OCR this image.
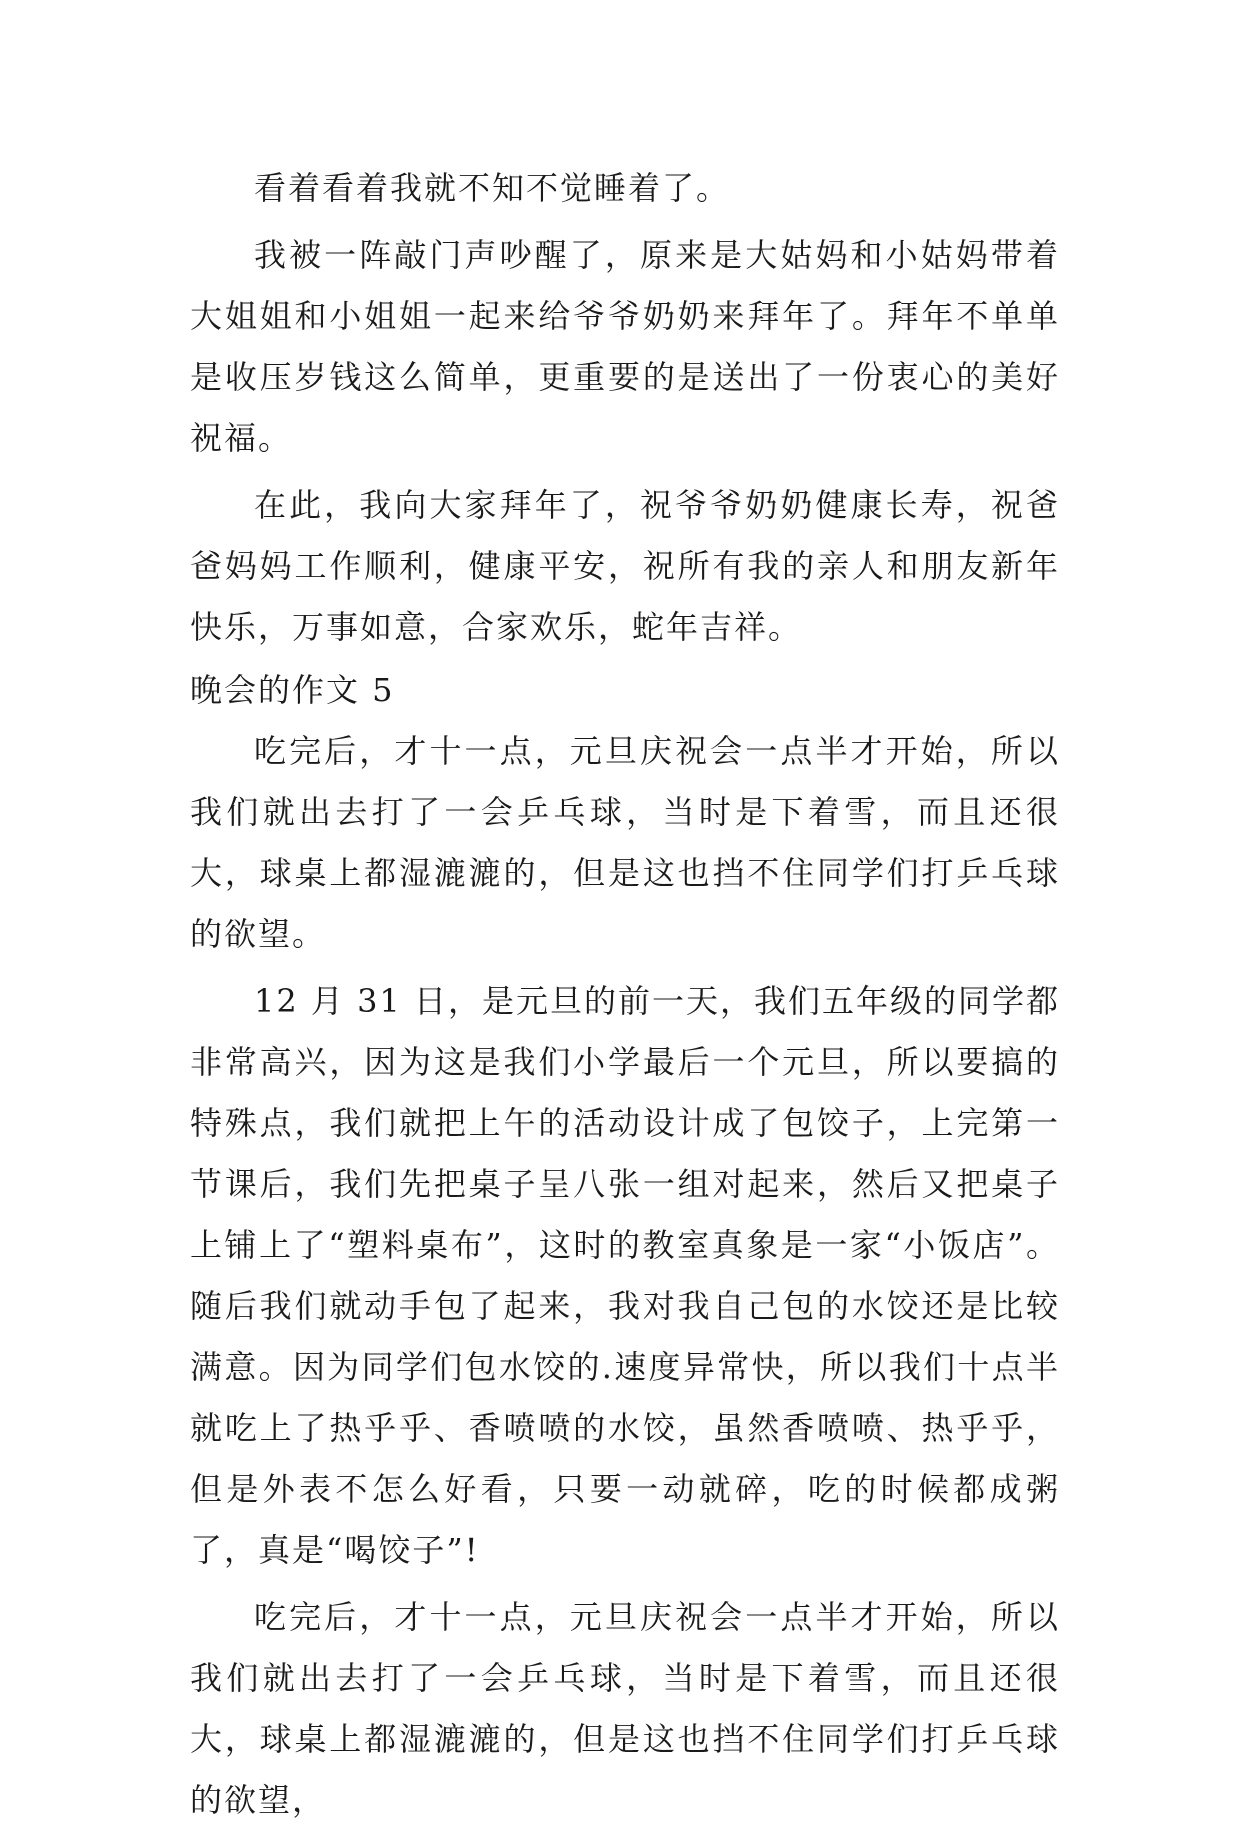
看着看着我就不知不觉睡着了。

我被一阵敲门声吵醒了，原来是大姑妈和小姑妈带着大姐姐和小姐姐一起来给爷爷奶奶来拜年了。拜年不单单是收压岁钱这么简单，更重要的是送出了一份衷心的美好祝福。

在此，我向大家拜年了，祝爷爷奶奶健康长寿，祝爸爸妈妈工作顺利，健康平安，祝所有我的亲人和朋友新年快乐，万事如意，合家欢乐，蛇年吉祥。

晚会的作文 5

吃完后，才十一点，元旦庆祝会一点半才开始，所以我们就出去打了一会乒乓球，当时是下着雪，而且还很大，球桌上都湿漉漉的，但是这也挡不住同学们打乒乓球的欲望。

12 月 31 日，是元旦的前一天，我们五年级的同学都非常高兴，因为这是我们小学最后一个元旦，所以要搞的特殊点，我们就把上午的活动设计成了包饺子，上完第一节课后，我们先把桌子呈八张一组对起来，然后又把桌子上铺上了“塑料桌布”，这时的教室真象是一家“小饭店”。随后我们就动手包了起来，我对我自己包的水饺还是比较满意。因为同学们包水饺的.速度异常快，所以我们十点半就吃上了热乎乎、香喷喷的水饺，虽然香喷喷、热乎乎，但是外表不怎么好看，只要一动就碎，吃的时候都成粥了，真是“喝饺子”!

吃完后，才十一点，元旦庆祝会一点半才开始，所以我们就出去打了一会乒乓球，当时是下着雪，而且还很大，球桌上都湿漉漉的，但是这也挡不住同学们打乒乓球的欲望，
